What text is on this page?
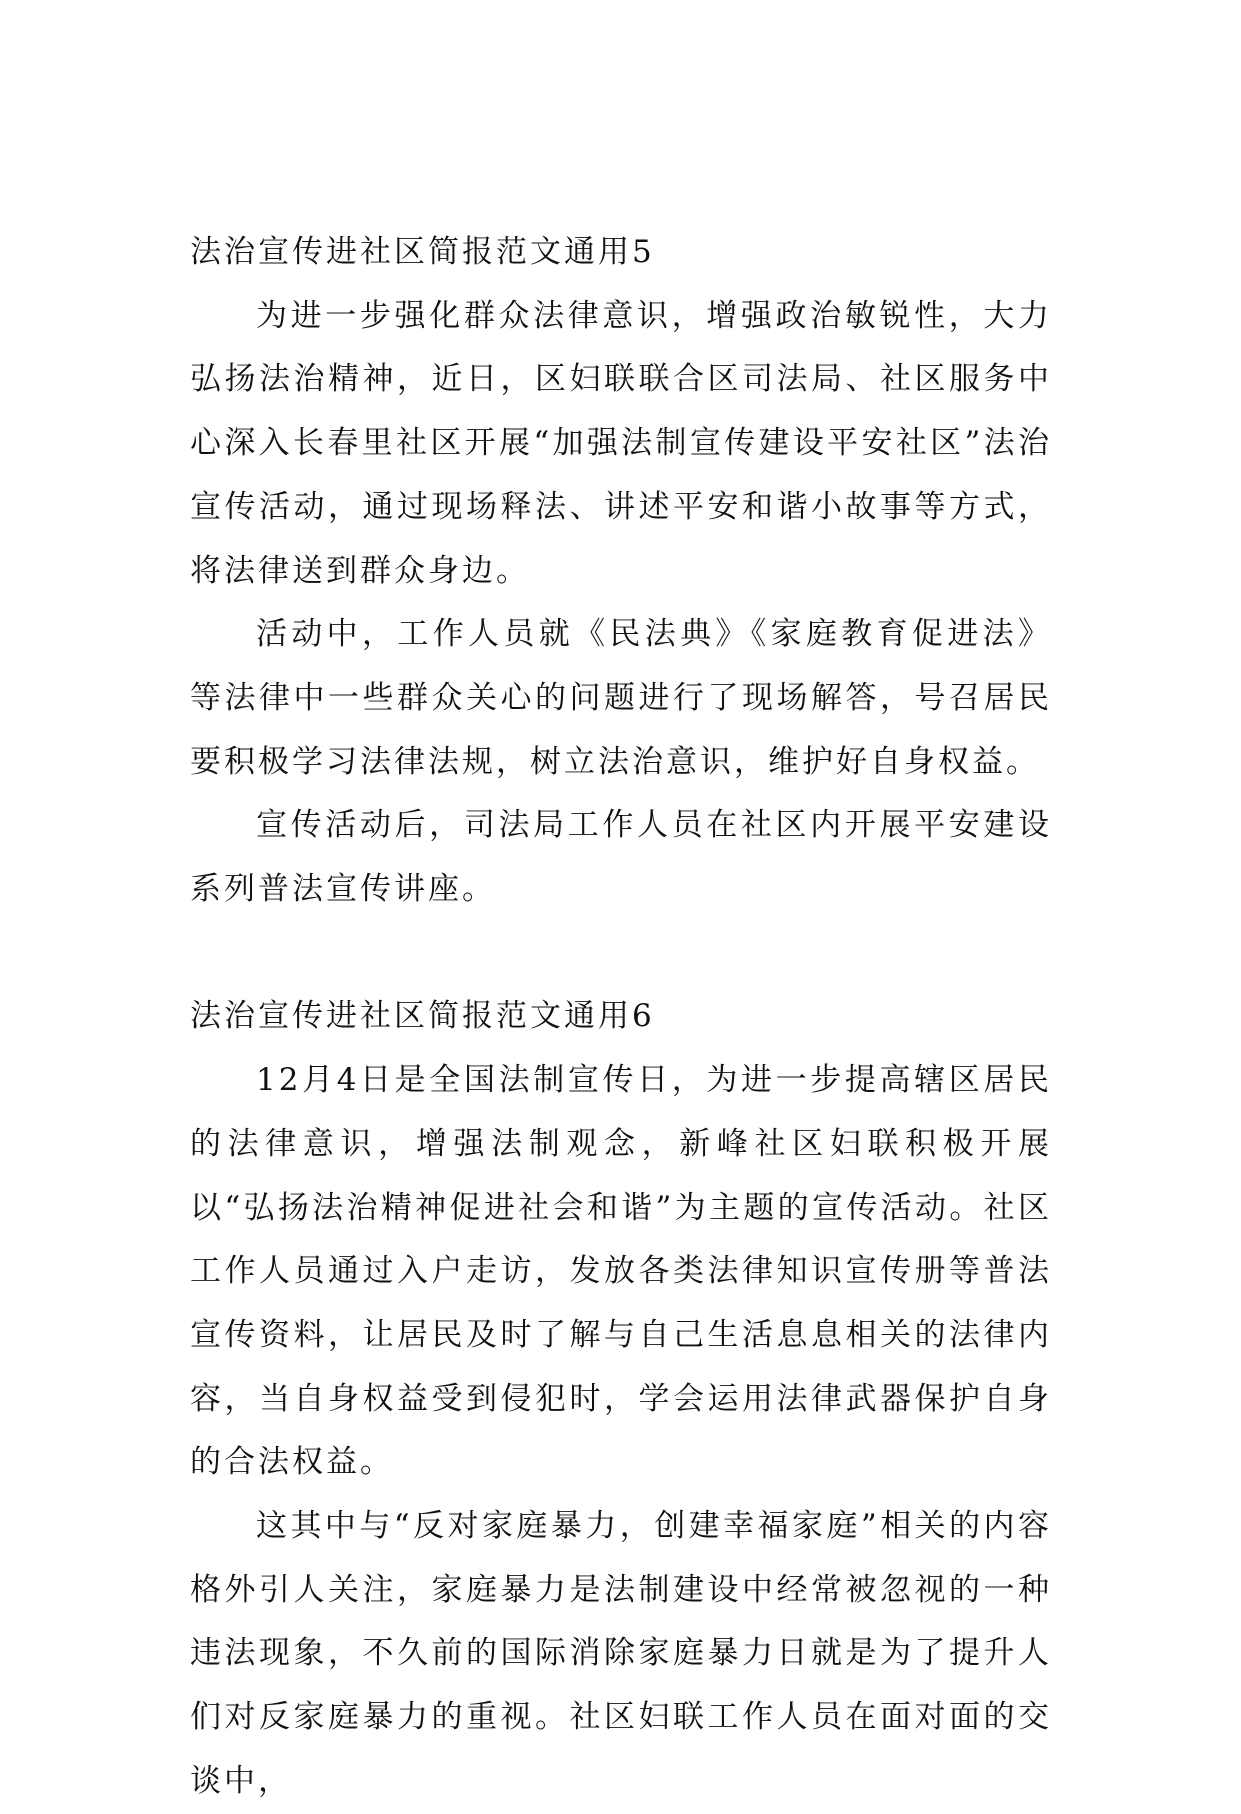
法治宣传进社区简报范文通用5

为进一步强化群众法律意识，增强政治敏锐性，大力弘扬法治精神，近日，区妇联联合区司法局、社区服务中心深入长春里社区开展“加强法制宣传建设平安社区”法治宣传活动，通过现场释法、讲述平安和谐小故事等方式，将法律送到群众身边。

活动中，工作人员就《民法典》《家庭教育促进法》等法律中一些群众关心的问题进行了现场解答，号召居民要积极学习法律法规，树立法治意识，维护好自身权益。

宣传活动后，司法局工作人员在社区内开展平安建设系列普法宣传讲座。

法治宣传进社区简报范文通用6

12月4日是全国法制宣传日，为进一步提高辖区居民的法律意识，增强法制观念，新峰社区妇联积极开展以“弘扬法治精神促进社会和谐”为主题的宣传活动。社区工作人员通过入户走访，发放各类法律知识宣传册等普法宣传资料，让居民及时了解与自己生活息息相关的法律内容，当自身权益受到侵犯时，学会运用法律武器保护自身的合法权益。

这其中与“反对家庭暴力，创建幸福家庭”相关的内容格外引人关注，家庭暴力是法制建设中经常被忽视的一种违法现象，不久前的国际消除家庭暴力日就是为了提升人们对反家庭暴力的重视。社区妇联工作人员在面对面的交谈中，
